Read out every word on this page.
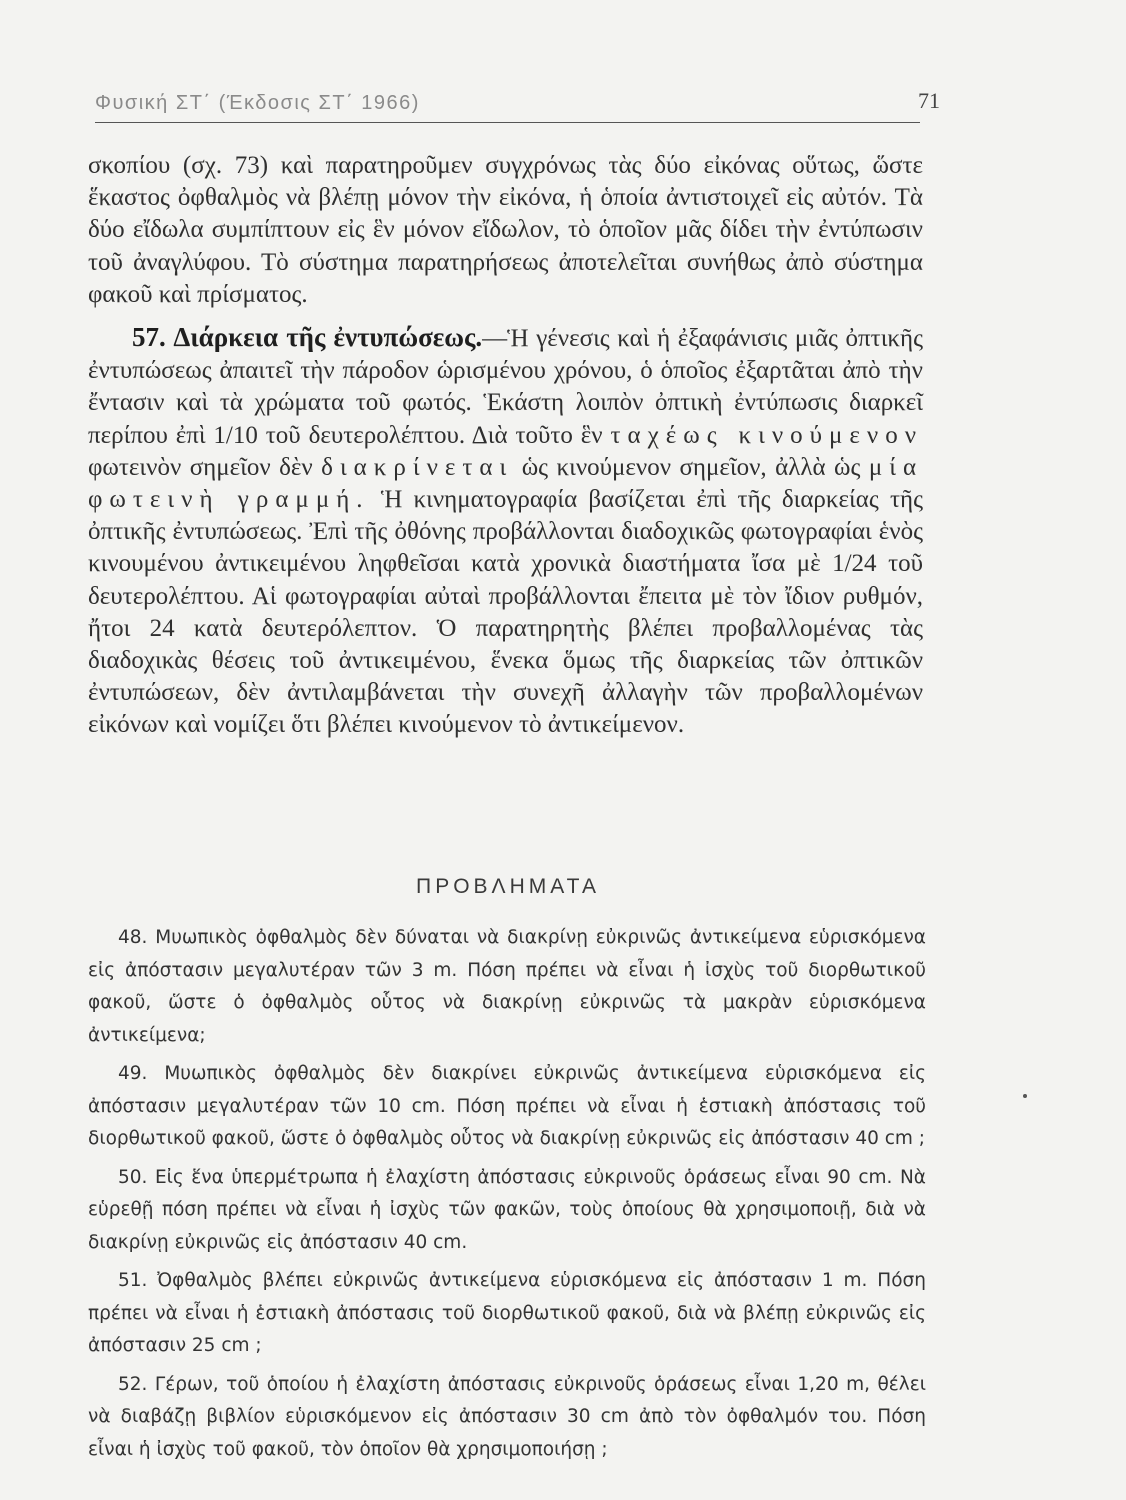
Φυσική ΣΤ΄ (Έκδοσις ΣΤ΄ 1966)	71

σκοπίου (σχ. 73) καὶ παρατηροῦμεν συγχρόνως τὰς δύο εἰκόνας οὕτως, ὥστε ἕκαστος ὀφθαλμὸς νὰ βλέπῃ μόνον τὴν εἰκόνα, ἡ ὁποία ἀντιστοιχεῖ εἰς αὐτόν. Τὰ δύο εἴδωλα συμπίπτουν εἰς ἓν μόνον εἴδωλον, τὸ ὁποῖον μᾶς δίδει τὴν ἐντύπωσιν τοῦ ἀναγλύφου. Τὸ σύστημα παρατηρήσεως ἀποτελεῖται συνήθως ἀπὸ σύστημα φακοῦ καὶ πρίσματος.

57. Διάρκεια τῆς ἐντυπώσεως.—Ἡ γένεσις καὶ ἡ ἐξαφάνισις μιᾶς ὀπτικῆς ἐντυπώσεως ἀπαιτεῖ τὴν πάροδον ὡρισμένου χρόνου, ὁ ὁποῖος ἐξαρτᾶται ἀπὸ τὴν ἔντασιν καὶ τὰ χρώματα τοῦ φωτός. Ἑκάστη λοιπὸν ὀπτικὴ ἐντύπωσις διαρκεῖ περίπου ἐπὶ 1/10 τοῦ δευτερολέπτου. Διὰ τοῦτο ἓν ταχέως κινούμενον φωτεινὸν σημεῖον δὲν διακρίνεται ὡς κινούμενον σημεῖον, ἀλλὰ ὡς μία φωτεινὴ γραμμή. Ἡ κινηματογραφία βασίζεται ἐπὶ τῆς διαρκείας τῆς ὀπτικῆς ἐντυπώσεως. Ἐπὶ τῆς ὀθόνης προβάλλονται διαδοχικῶς φωτογραφίαι ἑνὸς κινουμένου ἀντικειμένου ληφθεῖσαι κατὰ χρονικὰ διαστήματα ἴσα μὲ 1/24 τοῦ δευτερολέπτου. Αἱ φωτογραφίαι αὐταὶ προβάλλονται ἔπειτα μὲ τὸν ἴδιον ρυθμόν, ἤτοι 24 κατὰ δευτερόλεπτον. Ὁ παρατηρητὴς βλέπει προβαλλομένας τὰς διαδοχικὰς θέσεις τοῦ ἀντικειμένου, ἕνεκα ὅμως τῆς διαρκείας τῶν ὀπτικῶν ἐντυπώσεων, δὲν ἀντιλαμβάνεται τὴν συνεχῆ ἀλλαγὴν τῶν προβαλλομένων εἰκόνων καὶ νομίζει ὅτι βλέπει κινούμενον τὸ ἀντικείμενον.

ΠΡΟΒΛΗΜΑΤΑ

48. Μυωπικὸς ὀφθαλμὸς δὲν δύναται νὰ διακρίνῃ εὐκρινῶς ἀντικείμενα εὑρισκόμενα εἰς ἀπόστασιν μεγαλυτέραν τῶν 3 m. Πόση πρέπει νὰ εἶναι ἡ ἰσχὺς τοῦ διορθωτικοῦ φακοῦ, ὥστε ὁ ὀφθαλμὸς οὗτος νὰ διακρίνῃ εὐκρινῶς τὰ μακρὰν εὑρισκόμενα ἀντικείμενα;

49. Μυωπικὸς ὀφθαλμὸς δὲν διακρίνει εὐκρινῶς ἀντικείμενα εὑρισκόμενα εἰς ἀπόστασιν μεγαλυτέραν τῶν 10 cm. Πόση πρέπει νὰ εἶναι ἡ ἑστιακὴ ἀπόστασις τοῦ διορθωτικοῦ φακοῦ, ὥστε ὁ ὀφθαλμὸς οὗτος νὰ διακρίνῃ εὐκρινῶς εἰς ἀπόστασιν 40 cm ;

50. Εἰς ἕνα ὑπερμέτρωπα ἡ ἐλαχίστη ἀπόστασις εὐκρινοῦς ὁράσεως εἶναι 90 cm. Νὰ εὑρεθῇ πόση πρέπει νὰ εἶναι ἡ ἰσχὺς τῶν φακῶν, τοὺς ὁποίους θὰ χρησιμοποιῇ, διὰ νὰ διακρίνῃ εὐκρινῶς εἰς ἀπόστασιν 40 cm.

51. Ὀφθαλμὸς βλέπει εὐκρινῶς ἀντικείμενα εὑρισκόμενα εἰς ἀπόστασιν 1 m. Πόση πρέπει νὰ εἶναι ἡ ἑστιακὴ ἀπόστασις τοῦ διορθωτικοῦ φακοῦ, διὰ νὰ βλέπῃ εὐκρινῶς εἰς ἀπόστασιν 25 cm ;

52. Γέρων, τοῦ ὁποίου ἡ ἐλαχίστη ἀπόστασις εὐκρινοῦς ὁράσεως εἶναι 1,20 m, θέλει νὰ διαβάζῃ βιβλίον εὑρισκόμενον εἰς ἀπόστασιν 30 cm ἀπὸ τὸν ὀφθαλμόν του. Πόση εἶναι ἡ ἰσχὺς τοῦ φακοῦ, τὸν ὁποῖον θὰ χρησιμοποιήσῃ ;
